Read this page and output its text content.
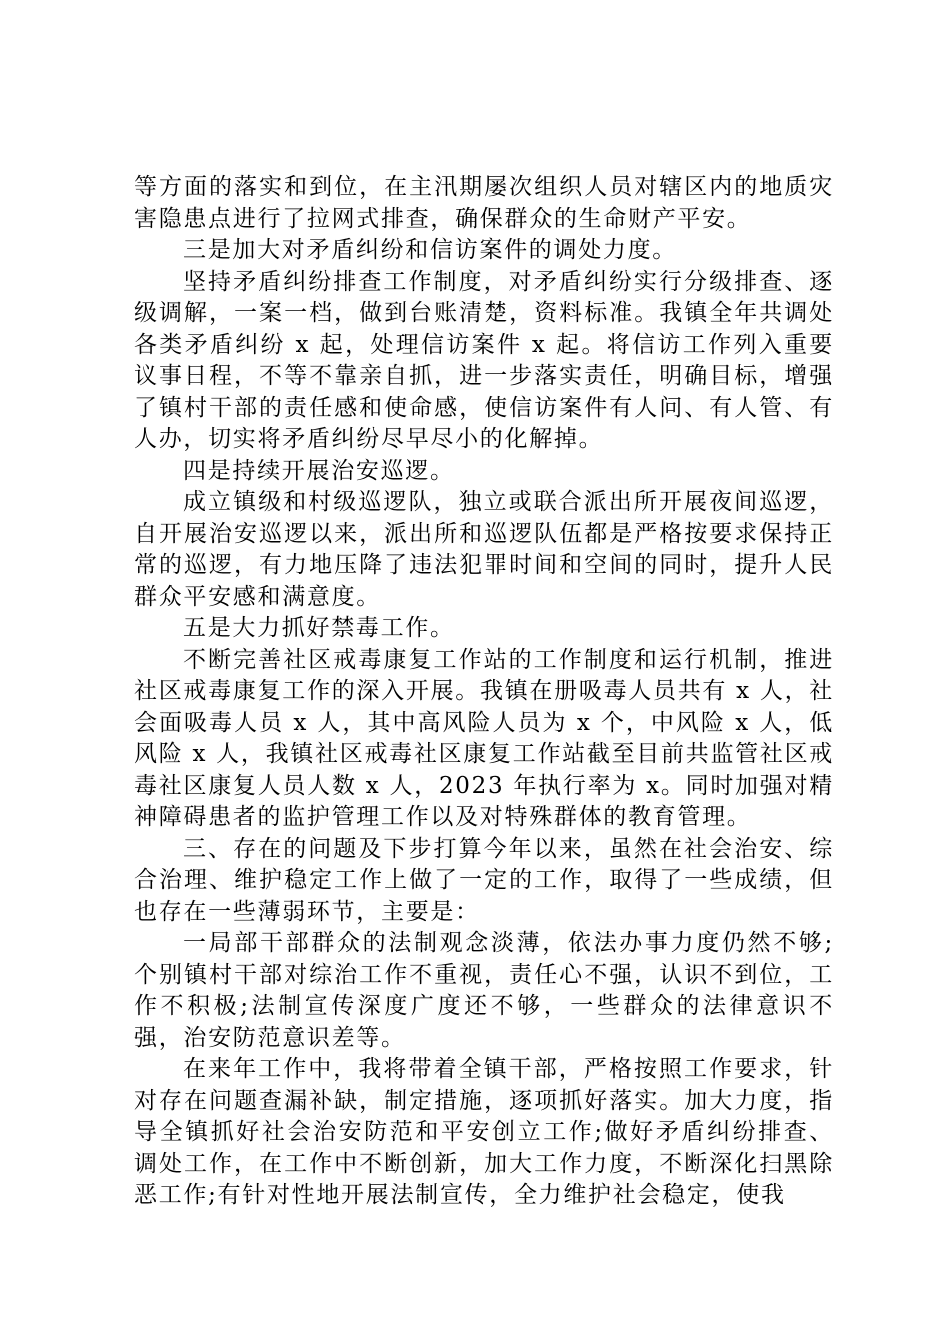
等方面的落实和到位，在主汛期屡次组织人员对辖区内的地质灾害隐患点进行了拉网式排查，确保群众的生命财产平安。

三是加大对矛盾纠纷和信访案件的调处力度。

坚持矛盾纠纷排查工作制度，对矛盾纠纷实行分级排查、逐级调解，一案一档，做到台账清楚，资料标准。我镇全年共调处各类矛盾纠纷 x 起，处理信访案件 x 起。将信访工作列入重要议事日程，不等不靠亲自抓，进一步落实责任，明确目标，增强了镇村干部的责任感和使命感，使信访案件有人问、有人管、有人办，切实将矛盾纠纷尽早尽小的化解掉。

四是持续开展治安巡逻。

成立镇级和村级巡逻队，独立或联合派出所开展夜间巡逻，自开展治安巡逻以来，派出所和巡逻队伍都是严格按要求保持正常的巡逻，有力地压降了违法犯罪时间和空间的同时，提升人民群众平安感和满意度。

五是大力抓好禁毒工作。

不断完善社区戒毒康复工作站的工作制度和运行机制，推进社区戒毒康复工作的深入开展。我镇在册吸毒人员共有 x 人，社会面吸毒人员 x 人，其中高风险人员为 x 个，中风险 x 人，低风险 x 人，我镇社区戒毒社区康复工作站截至目前共监管社区戒毒社区康复人员人数 x 人，2023 年执行率为 x。同时加强对精神障碍患者的监护管理工作以及对特殊群体的教育管理。

三、存在的问题及下步打算今年以来，虽然在社会治安、综合治理、维护稳定工作上做了一定的工作，取得了一些成绩，但也存在一些薄弱环节，主要是：

一局部干部群众的法制观念淡薄，依法办事力度仍然不够;个别镇村干部对综治工作不重视，责任心不强，认识不到位，工作不积极;法制宣传深度广度还不够，一些群众的法律意识不强，治安防范意识差等。

在来年工作中，我将带着全镇干部，严格按照工作要求，针对存在问题查漏补缺，制定措施，逐项抓好落实。加大力度，指导全镇抓好社会治安防范和平安创立工作;做好矛盾纠纷排查、调处工作，在工作中不断创新，加大工作力度，不断深化扫黑除恶工作;有针对性地开展法制宣传，全力维护社会稳定，使我
